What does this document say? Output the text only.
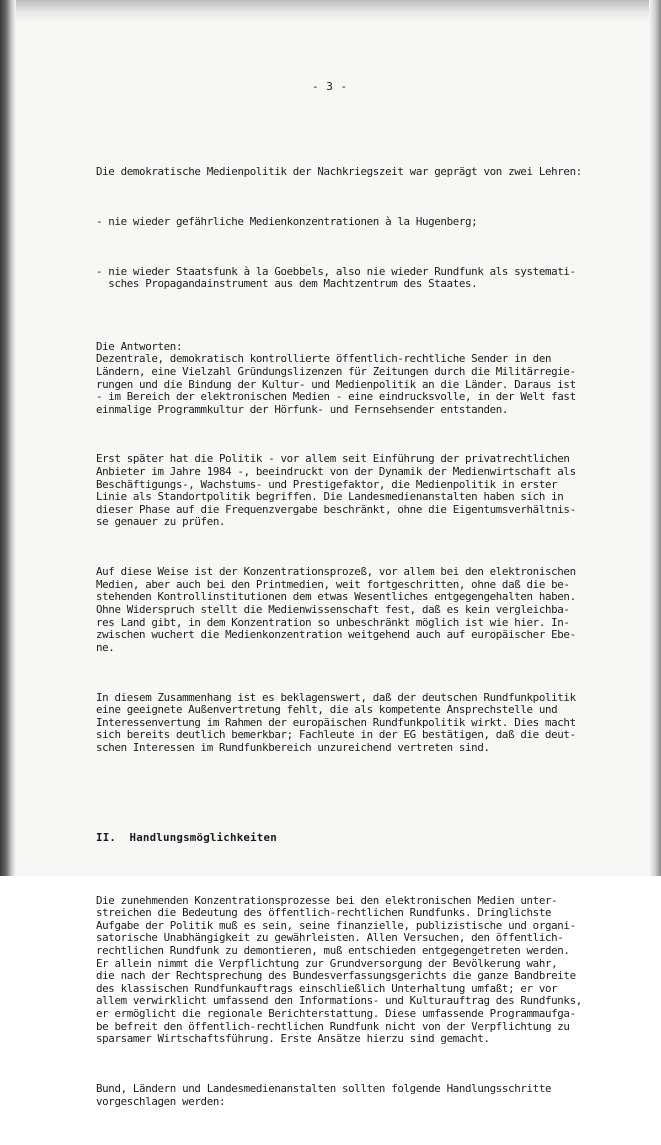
- 3 -

Die demokratische Medienpolitik der Nachkriegszeit war geprägt von zwei Lehren:

- nie wieder gefährliche Medienkonzentrationen à la Hugenberg;

- nie wieder Staatsfunk à la Goebbels, also nie wieder Rundfunk als systemati-
sches Propagandainstrument aus dem Machtzentrum des Staates.

Die Antworten:
Dezentrale, demokratisch kontrollierte öffentlich-rechtliche Sender in den
Ländern, eine Vielzahl Gründungslizenzen für Zeitungen durch die Militärregie-
rungen und die Bindung der Kultur- und Medienpolitik an die Länder. Daraus ist
- im Bereich der elektronischen Medien - eine eindrucksvolle, in der Welt fast
einmalige Programmkultur der Hörfunk- und Fernsehsender entstanden.

Erst später hat die Politik - vor allem seit Einführung der privatrechtlichen
Anbieter im Jahre 1984 -, beeindruckt von der Dynamik der Medienwirtschaft als
Beschäftigungs-, Wachstums- und Prestigefaktor, die Medienpolitik in erster
Linie als Standortpolitik begriffen. Die Landesmedienanstalten haben sich in
dieser Phase auf die Frequenzvergabe beschränkt, ohne die Eigentumsverhältnis-
se genauer zu prüfen.

Auf diese Weise ist der Konzentrationsprozeß, vor allem bei den elektronischen
Medien, aber auch bei den Printmedien, weit fortgeschritten, ohne daß die be-
stehenden Kontrollinstitutionen dem etwas Wesentliches entgegengehalten haben.
Ohne Widerspruch stellt die Medienwissenschaft fest, daß es kein vergleichba-
res Land gibt, in dem Konzentration so unbeschränkt möglich ist wie hier. In-
zwischen wuchert die Medienkonzentration weitgehend auch auf europäischer Ebe-
ne.

In diesem Zusammenhang ist es beklagenswert, daß der deutschen Rundfunkpolitik
eine geeignete Außenvertretung fehlt, die als kompetente Ansprechstelle und
Interessenvertung im Rahmen der europäischen Rundfunkpolitik wirkt. Dies macht
sich bereits deutlich bemerkbar; Fachleute in der EG bestätigen, daß die deut-
schen Interessen im Rundfunkbereich unzureichend vertreten sind.

II.  Handlungsmöglichkeiten

Die zunehmenden Konzentrationsprozesse bei den elektronischen Medien unter-
streichen die Bedeutung des öffentlich-rechtlichen Rundfunks. Dringlichste
Aufgabe der Politik muß es sein, seine finanzielle, publizistische und organi-
satorische Unabhängigkeit zu gewährleisten. Allen Versuchen, den öffentlich-
rechtlichen Rundfunk zu demontieren, muß entschieden entgegengetreten werden.
Er allein nimmt die Verpflichtung zur Grundversorgung der Bevölkerung wahr,
die nach der Rechtsprechung des Bundesverfassungsgerichts die ganze Bandbreite
des klassischen Rundfunkauftrags einschließlich Unterhaltung umfaßt; er vor
allem verwirklicht umfassend den Informations- und Kulturauftrag des Rundfunks,
er ermöglicht die regionale Berichterstattung. Diese umfassende Programmaufga-
be befreit den öffentlich-rechtlichen Rundfunk nicht von der Verpflichtung zu
sparsamer Wirtschaftsführung. Erste Ansätze hierzu sind gemacht.

Bund, Ländern und Landesmedienanstalten sollten folgende Handlungsschritte
vorgeschlagen werden:
